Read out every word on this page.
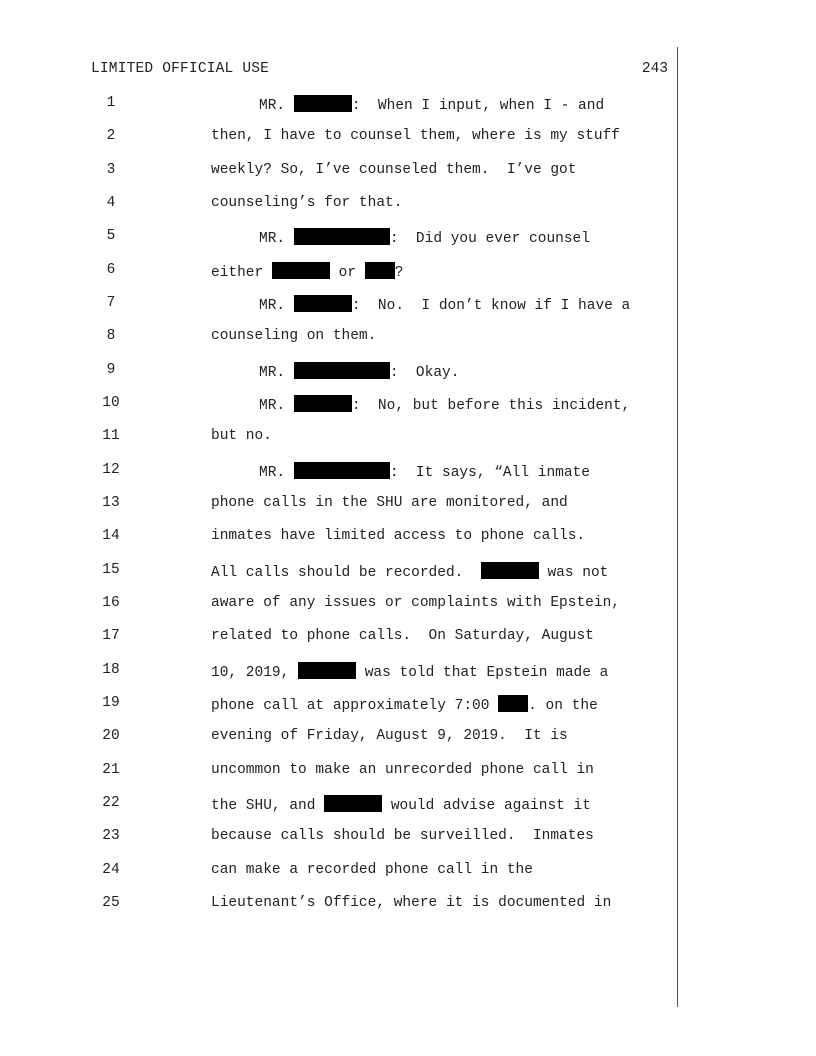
LIMITED OFFICIAL USE	243
1	MR.	:  When I input, when I - and
2	then, I have to counsel them, where is my stuff
3	weekly? So, I’ve counseled them.  I’ve got
4	counseling’s for that.
5	MR.	:  Did you ever counsel
6	either	or ?
7	MR.	:  No.  I don’t know if I have a
8	counseling on them.
9	MR.	:  Okay.
10	MR.	:  No, but before this incident,
11	but no.
12	MR.	:  It says, “All inmate
13	phone calls in the SHU are monitored, and
14	inmates have limited access to phone calls.
15	All calls should be recorded.	was not
16	aware of any issues or complaints with Epstein,
17	related to phone calls.  On Saturday, August
18	10, 2019,	was told that Epstein made a
19	phone call at approximately 7:00 . on the
20	evening of Friday, August 9, 2019.  It is
21	uncommon to make an unrecorded phone call in
22	the SHU, and	would advise against it
23	because calls should be surveilled.  Inmates
24	can make a recorded phone call in the
25	Lieutenant’s Office, where it is documented in
